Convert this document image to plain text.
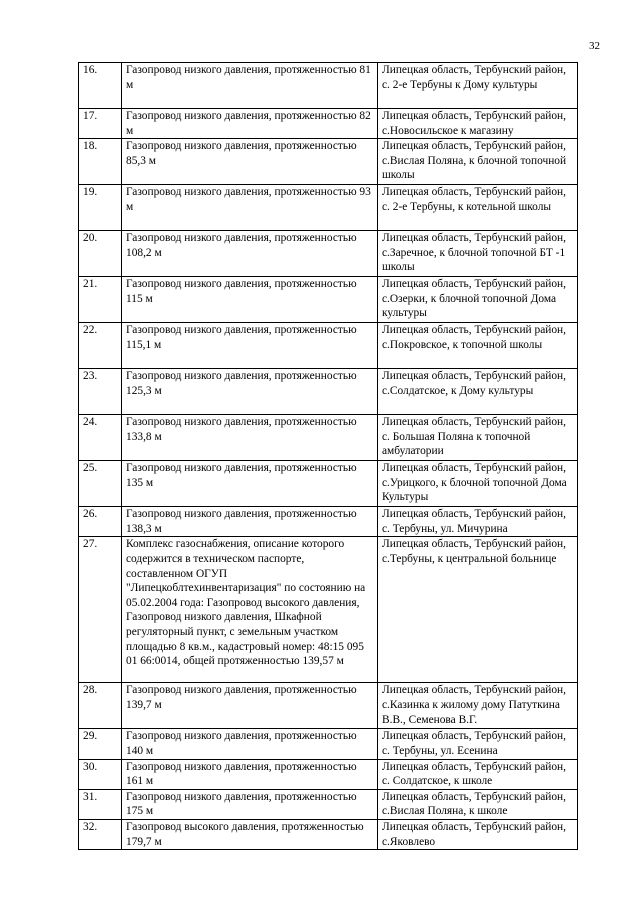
32
16.	Газопровод низкого давления, протяженностью 81 м	Липецкая область, Тербунский район, с. 2-е Тербуны к Дому культуры
17.	Газопровод низкого давления, протяженностью 82 м	Липецкая область, Тербунский район, с.Новосильское к магазину
18.	Газопровод низкого давления, протяженностью 85,3 м	Липецкая область, Тербунский район, с.Вислая Поляна, к блочной топочной школы
19.	Газопровод низкого давления, протяженностью 93 м	Липецкая область, Тербунский район, с. 2-е Тербуны, к котельной школы
20.	Газопровод низкого давления, протяженностью 108,2 м	Липецкая область, Тербунский район, с.Заречное, к блочной топочной БТ -1 школы
21.	Газопровод низкого давления, протяженностью 115 м	Липецкая область, Тербунский район, с.Озерки, к блочной топочной Дома культуры
22.	Газопровод низкого давления, протяженностью 115,1 м	Липецкая область, Тербунский район, с.Покровское, к топочной школы
23.	Газопровод низкого давления, протяженностью 125,3 м	Липецкая область, Тербунский район, с.Солдатское, к Дому культуры
24.	Газопровод низкого давления, протяженностью 133,8 м	Липецкая область, Тербунский район, с. Большая Поляна к топочной амбулатории
25.	Газопровод низкого давления, протяженностью 135 м	Липецкая область, Тербунский район, с.Урицкого, к блочной топочной Дома Культуры
26.	Газопровод низкого давления, протяженностью 138,3 м	Липецкая область, Тербунский район, с. Тербуны, ул. Мичурина
27.	Комплекс газоснабжения, описание которого содержится в техническом паспорте, составленном ОГУП "Липецкоблтехинвентаризация" по состоянию на 05.02.2004 года: Газопровод высокого давления, Газопровод низкого давления, Шкафной регуляторный пункт, с земельным участком площадью 8 кв.м., кадастровый номер: 48:15 095 01 66:0014, общей протяженностью 139,57 м	Липецкая область, Тербунский район, с.Тербуны, к центральной больнице
28.	Газопровод низкого давления, протяженностью 139,7 м	Липецкая область, Тербунский район, с.Казинка к жилому дому Патуткина В.В., Семенова В.Г.
29.	Газопровод низкого давления, протяженностью 140 м	Липецкая область, Тербунский район, с. Тербуны, ул. Есенина
30.	Газопровод низкого давления, протяженностью 161 м	Липецкая область, Тербунский район, с. Солдатское, к школе
31.	Газопровод низкого давления, протяженностью 175 м	Липецкая область, Тербунский район, с.Вислая Поляна, к школе
32.	Газопровод высокого давления, протяженностью 179,7 м	Липецкая область, Тербунский район, с.Яковлево
